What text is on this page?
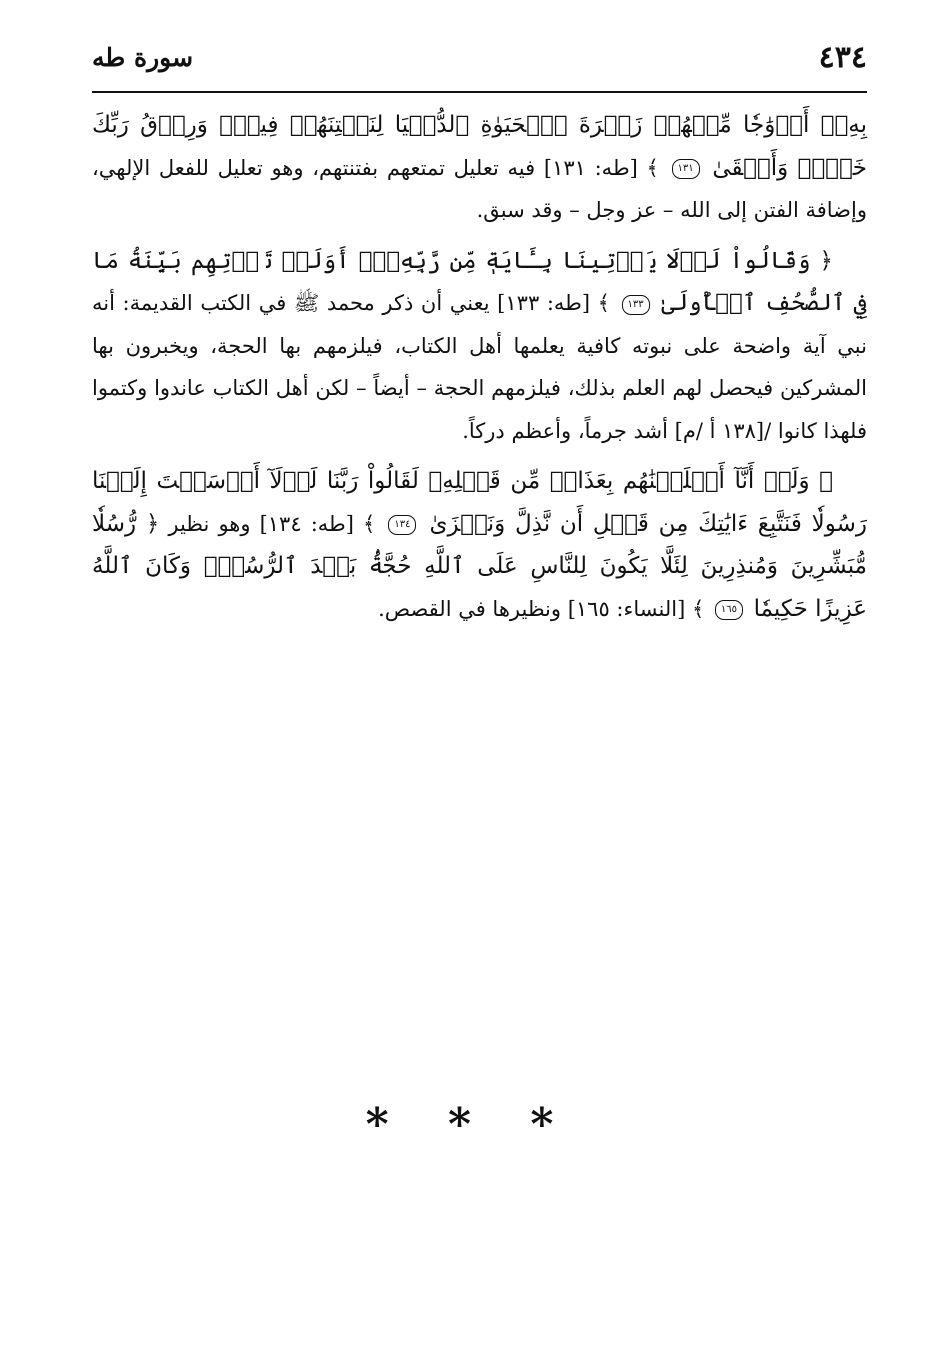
٤٣٤
سورة طه

بِهِۦٓ أَزۡوَٰجٗا مِّنۡهُمۡ زَهۡرَةَ ٱلۡحَيَوٰةِ ٱلدُّنۡيَا لِنَفۡتِنَهُمۡ فِيهِۚ وَرِزۡقُ رَبِّكَ خَيۡرٞ وَأَبۡقَىٰ ١٣١ ﴾ [طه: ١٣١] فيه تعليل تمتعهم بفتنتهم، وهو تعليل للفعل الإلهي، وإضافة الفتن إلى الله – عز وجل – وقد سبق.

﴿ وَقَالُواْ لَوۡلَا يَأۡتِينَا بِـَٔايَةٖ مِّن رَّبِّهِۦٓۚ أَوَلَمۡ تَأۡتِهِم بَيِّنَةُ مَا فِي ٱلصُّحُفِ ٱلۡأُولَىٰ ١٣٣ ﴾ [طه: ١٣٣] يعني أن ذكر محمد ﷺ في الكتب القديمة: أنه نبي آية واضحة على نبوته كافية يعلمها أهل الكتاب، فيلزمهم بها الحجة، ويخبرون بها المشركين فيحصل لهم العلم بذلك، فيلزمهم الحجة – أيضاً – لكن أهل الكتاب عاندوا وكتموا فلهذا كانوا /[١٣٨ أ /م] أشد جرماً، وأعظم دركاً.

﴿ وَلَوۡ أَنَّآ أَهۡلَكۡنَٰهُم بِعَذَابٖ مِّن قَبۡلِهِۦ لَقَالُواْ رَبَّنَا لَوۡلَآ أَرۡسَلۡتَ إِلَيۡنَا رَسُولٗا فَنَتَّبِعَ ءَايَٰتِكَ مِن قَبۡلِ أَن نَّذِلَّ وَنَخۡزَىٰ ١٣٤ ﴾ [طه: ١٣٤] وهو نظير ﴿ رُّسُلٗا مُّبَشِّرِينَ وَمُنذِرِينَ لِئَلَّا يَكُونَ لِلنَّاسِ عَلَى ٱللَّهِ حُجَّةُۢ بَعۡدَ ٱلرُّسُلِۚ وَكَانَ ٱللَّهُ عَزِيزًا حَكِيمٗا ١٦٥ ﴾ [النساء: ١٦٥] ونظيرها في القصص.

* * *
